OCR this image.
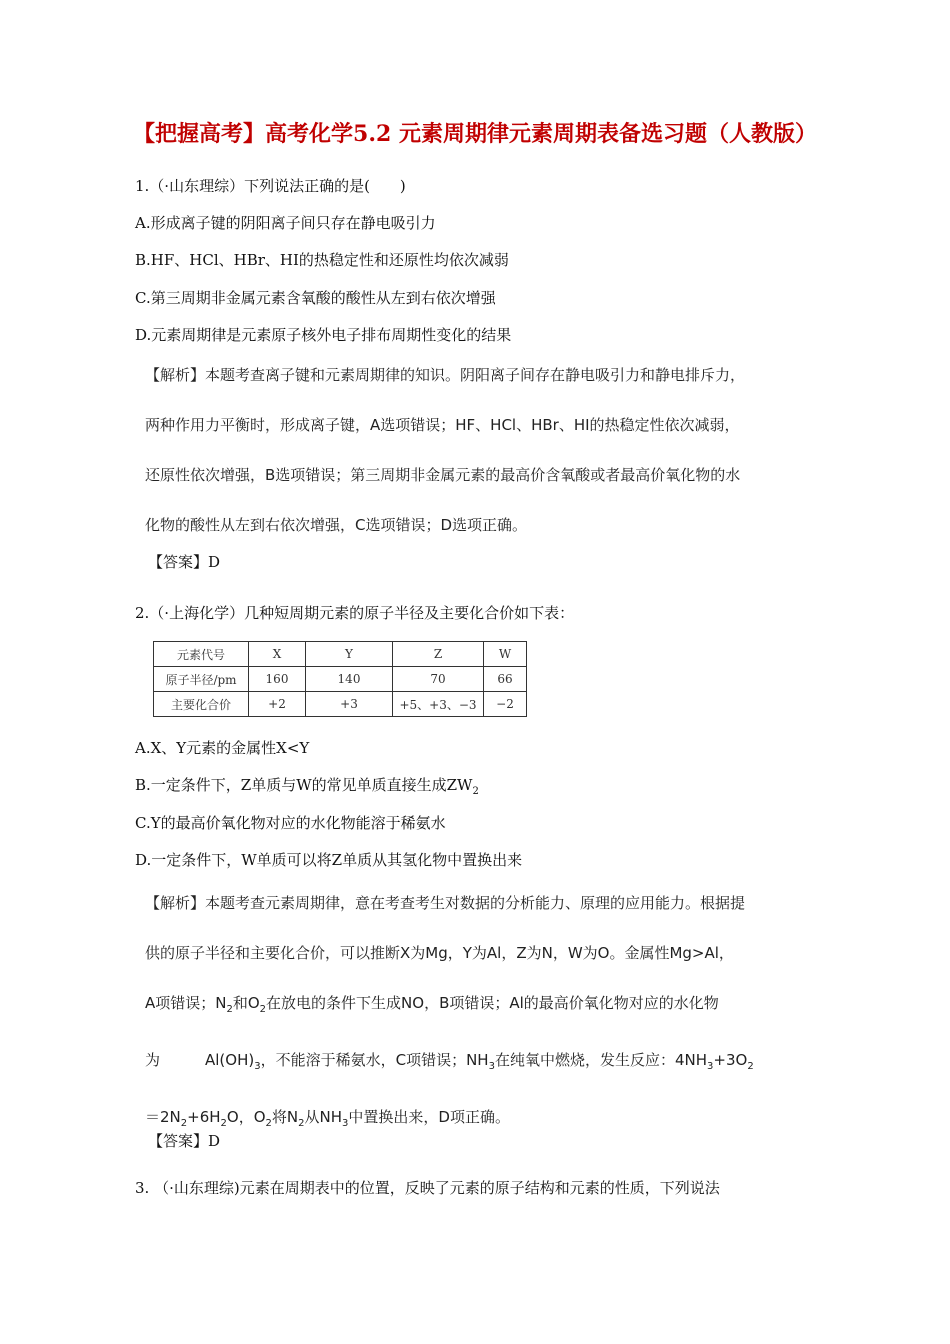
【把握高考】高考化学5.2 元素周期律元素周期表备选习题（人教版）
1.（·山东理综）下列说法正确的是(　　)
A.形成离子键的阴阳离子间只存在静电吸引力
B.HF、HCl、HBr、HI的热稳定性和还原性均依次减弱
C.第三周期非金属元素含氧酸的酸性从左到右依次增强
D.元素周期律是元素原子核外电子排布周期性变化的结果

【解析】本题考查离子键和元素周期律的知识。阴阳离子间存在静电吸引力和静电排斥力，

两种作用力平衡时，形成离子键，A选项错误；HF、HCl、HBr、HI的热稳定性依次减弱，

还原性依次增强，B选项错误；第三周期非金属元素的最高价含氧酸或者最高价氧化物的水

化物的酸性从左到右依次增强，C选项错误；D选项正确。

【答案】D
2.（·上海化学）几种短周期元素的原子半径及主要化合价如下表：
元素代号	X	Y	Z	W
原子半径/pm	160	140	70	66
主要化合价	+2	+3	+5、+3、−3	−2
A.X、Y元素的金属性X<Y
B.一定条件下，Z单质与W的常见单质直接生成$ZW_2$
C.Y的最高价氧化物对应的水化物能溶于稀氨水
D.一定条件下，W单质可以将Z单质从其氢化物中置换出来

【解析】本题考查元素周期律，意在考查考生对数据的分析能力、原理的应用能力。根据提

供的原子半径和主要化合价，可以推断X为Mg，Y为Al，Z为N，W为O。金属性Mg>Al，

A项错误；$N_2$和$O_2$在放电的条件下生成NO，B项错误；Al的最高价氧化物对应的水化物

为　　　$Al(OH)_3$，不能溶于稀氨水，C项错误；$NH_3$在纯氧中燃烧，发生反应：$4NH_3+3O_2$

$=2N_2+6H_2O$，$O_2$将$N_2$从$NH_3$中置换出来，D项正确。

【答案】D
3. （·山东理综)元素在周期表中的位置，反映了元素的原子结构和元素的性质，下列说法
